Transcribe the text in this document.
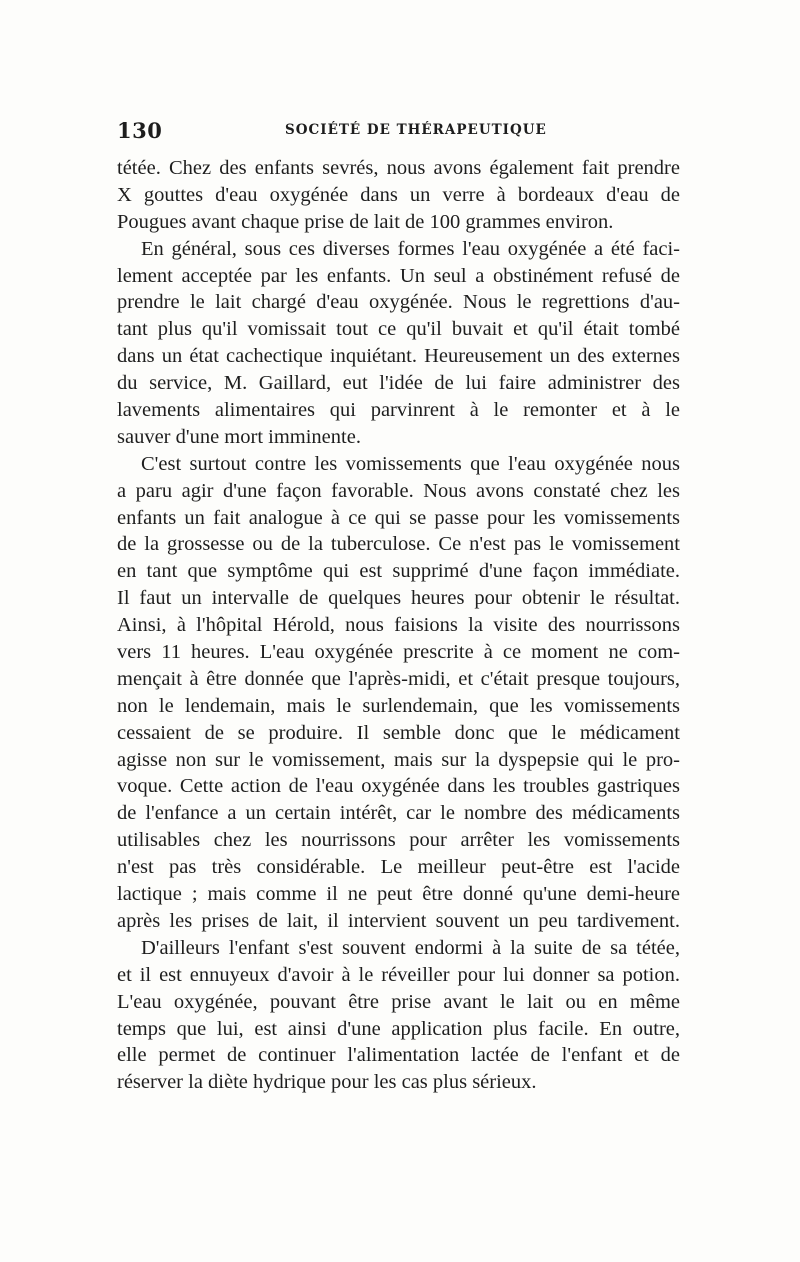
130	SOCIÉTÉ DE THÉRAPEUTIQUE
tétée. Chez des enfants sevrés, nous avons également fait prendre
X gouttes d'eau oxygénée dans un verre à bordeaux d'eau de
Pougues avant chaque prise de lait de 100 grammes environ.
En général, sous ces diverses formes l'eau oxygénée a été faci-
lement acceptée par les enfants. Un seul a obstinément refusé de
prendre le lait chargé d'eau oxygénée. Nous le regrettions d'au-
tant plus qu'il vomissait tout ce qu'il buvait et qu'il était tombé
dans un état cachectique inquiétant. Heureusement un des externes
du service, M. Gaillard, eut l'idée de lui faire administrer des
lavements alimentaires qui parvinrent à le remonter et à le
sauver d'une mort imminente.
C'est surtout contre les vomissements que l'eau oxygénée nous
a paru agir d'une façon favorable. Nous avons constaté chez les
enfants un fait analogue à ce qui se passe pour les vomissements
de la grossesse ou de la tuberculose. Ce n'est pas le vomissement
en tant que symptôme qui est supprimé d'une façon immédiate.
Il faut un intervalle de quelques heures pour obtenir le résultat.
Ainsi, à l'hôpital Hérold, nous faisions la visite des nourrissons
vers 11 heures. L'eau oxygénée prescrite à ce moment ne com-
mençait à être donnée que l'après-midi, et c'était presque toujours,
non le lendemain, mais le surlendemain, que les vomissements
cessaient de se produire. Il semble donc que le médicament
agisse non sur le vomissement, mais sur la dyspepsie qui le pro-
voque. Cette action de l'eau oxygénée dans les troubles gastriques
de l'enfance a un certain intérêt, car le nombre des médicaments
utilisables chez les nourrissons pour arrêter les vomissements
n'est pas très considérable. Le meilleur peut-être est l'acide
lactique ; mais comme il ne peut être donné qu'une demi-heure
après les prises de lait, il intervient souvent un peu tardivement.
D'ailleurs l'enfant s'est souvent endormi à la suite de sa tétée,
et il est ennuyeux d'avoir à le réveiller pour lui donner sa potion.
L'eau oxygénée, pouvant être prise avant le lait ou en même
temps que lui, est ainsi d'une application plus facile. En outre,
elle permet de continuer l'alimentation lactée de l'enfant et de
réserver la diète hydrique pour les cas plus sérieux.
